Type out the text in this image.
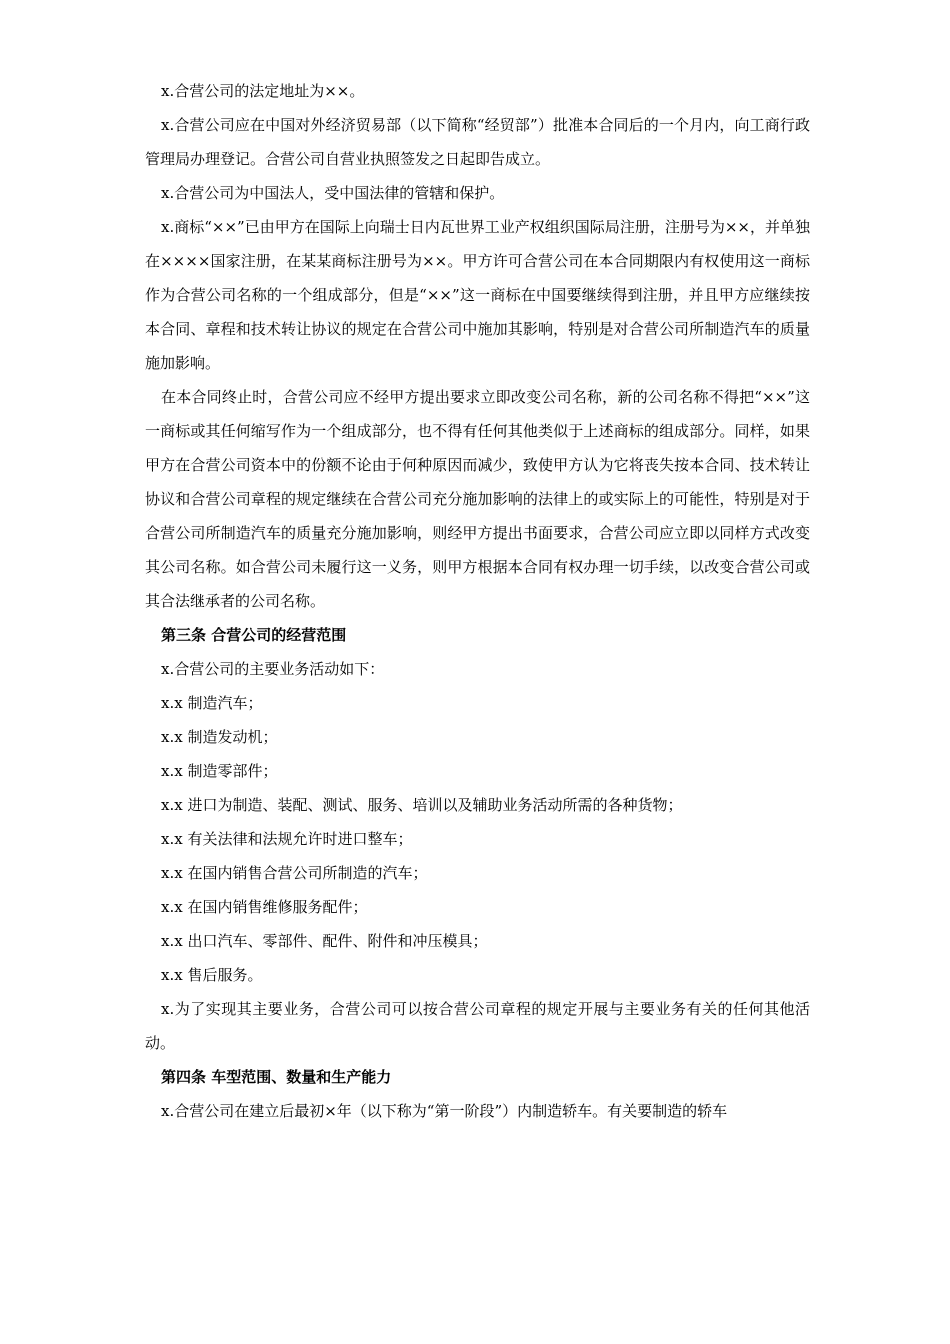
x.合营公司的法定地址为××。

x.合营公司应在中国对外经济贸易部（以下简称“经贸部”）批准本合同后的一个月内，向工商行政管理局办理登记。合营公司自营业执照签发之日起即告成立。

x.合营公司为中国法人，受中国法律的管辖和保护。

x.商标“××”已由甲方在国际上向瑞士日内瓦世界工业产权组织国际局注册，注册号为××，并单独在××××国家注册，在某某商标注册号为××。甲方许可合营公司在本合同期限内有权使用这一商标作为合营公司名称的一个组成部分，但是“××”这一商标在中国要继续得到注册，并且甲方应继续按本合同、章程和技术转让协议的规定在合营公司中施加其影响，特别是对合营公司所制造汽车的质量施加影响。

在本合同终止时，合营公司应不经甲方提出要求立即改变公司名称，新的公司名称不得把“××”这一商标或其任何缩写作为一个组成部分，也不得有任何其他类似于上述商标的组成部分。同样，如果甲方在合营公司资本中的份额不论由于何种原因而减少，致使甲方认为它将丧失按本合同、技术转让协议和合营公司章程的规定继续在合营公司充分施加影响的法律上的或实际上的可能性，特别是对于合营公司所制造汽车的质量充分施加影响，则经甲方提出书面要求，合营公司应立即以同样方式改变其公司名称。如合营公司未履行这一义务，则甲方根据本合同有权办理一切手续，以改变合营公司或其合法继承者的公司名称。

第三条 合营公司的经营范围

x.合营公司的主要业务活动如下：

x.x 制造汽车；

x.x 制造发动机；

x.x 制造零部件；

x.x 进口为制造、装配、测试、服务、培训以及辅助业务活动所需的各种货物；

x.x 有关法律和法规允许时进口整车；

x.x 在国内销售合营公司所制造的汽车；

x.x 在国内销售维修服务配件；

x.x 出口汽车、零部件、配件、附件和冲压模具；

x.x 售后服务。

x.为了实现其主要业务，合营公司可以按合营公司章程的规定开展与主要业务有关的任何其他活动。

第四条 车型范围、数量和生产能力

x.合营公司在建立后最初×年（以下称为“第一阶段”）内制造轿车。有关要制造的轿车
